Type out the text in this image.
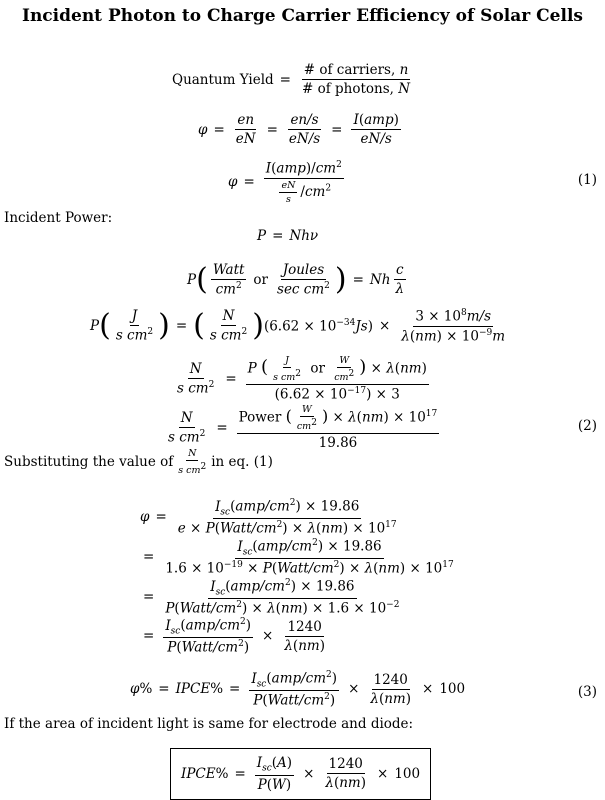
Incident Photon to Charge Carrier Efficiency of Solar Cells
Quantum Yield = $\frac{\text{\# of carriers, n}}{\text{\# of photons, N}}$
$\varphi = \frac{en}{eN} = \frac{en/s}{eN/s} = \frac{\text{I(amp)}}{eN/s}$
$\varphi = \frac{I(amp)/cm^2}{\frac{eN}{s} /cm^2}$	(1)
Incident Power:
P = Nhν
P ( $\frac{\text{Watt}}{cm^2}$ or $\frac{\text{Joules}}{\sec cm^2}$ ) = Nh $\frac{c}{\lambda}$
P ( $\frac{J}{s cm^2}$ ) = ( $\frac{N}{s cm^2}$ ) $(6.62 \times 10^{-34}Js) \times \frac{3 \times 10^8m/s}{\lambda(nm) \times 10^{-9}m}$
$\frac{N}{s cm^2} = \frac{P ( \frac{J}{s cm^2} or \frac{W}{cm^2} ) \times \lambda(nm)}{(6.62 \times 10^{-17}) \times 3}$
$\frac{N}{s cm^2} = \frac{Power ( \frac{W}{cm^2} ) \times \lambda(nm) \times 10^{17}}{19.86}$	(2)
Substituting the value of $\frac{N}{s cm^2}$ in eq. (1)
$\varphi = \frac{I_{sc}(amp/cm^2) \times 19.86}{e \times P(Watt/cm^2) \times \lambda(nm) \times 10^{17}}$
= $\frac{I_{sc}(amp/cm^2) \times 19.86}{1.6 \times 10^{-19} \times P(Watt/cm^2) \times \lambda(nm) \times 10^{17}}$
= $\frac{I_{sc}(amp/cm^2) \times 19.86}{P(Watt/cm^2) \times \lambda(nm) \times 1.6 \times 10^{-2}}$
= $\frac{I_{sc}(amp/cm^2)}{P(Watt/cm^2)} \times \frac{1240}{\lambda(nm)}$
φ % = IPCE % = $\frac{I_{sc}(amp/cm^2)}{P(Watt/cm^2)} \times \frac{1240}{\lambda(nm)} \times 100$	(3)
If the area of incident light is same for electrode and diode:
IPCE % = $\frac{I_{sc}(A)}{P(W)} \times \frac{1240}{\lambda(nm)} \times 100$
